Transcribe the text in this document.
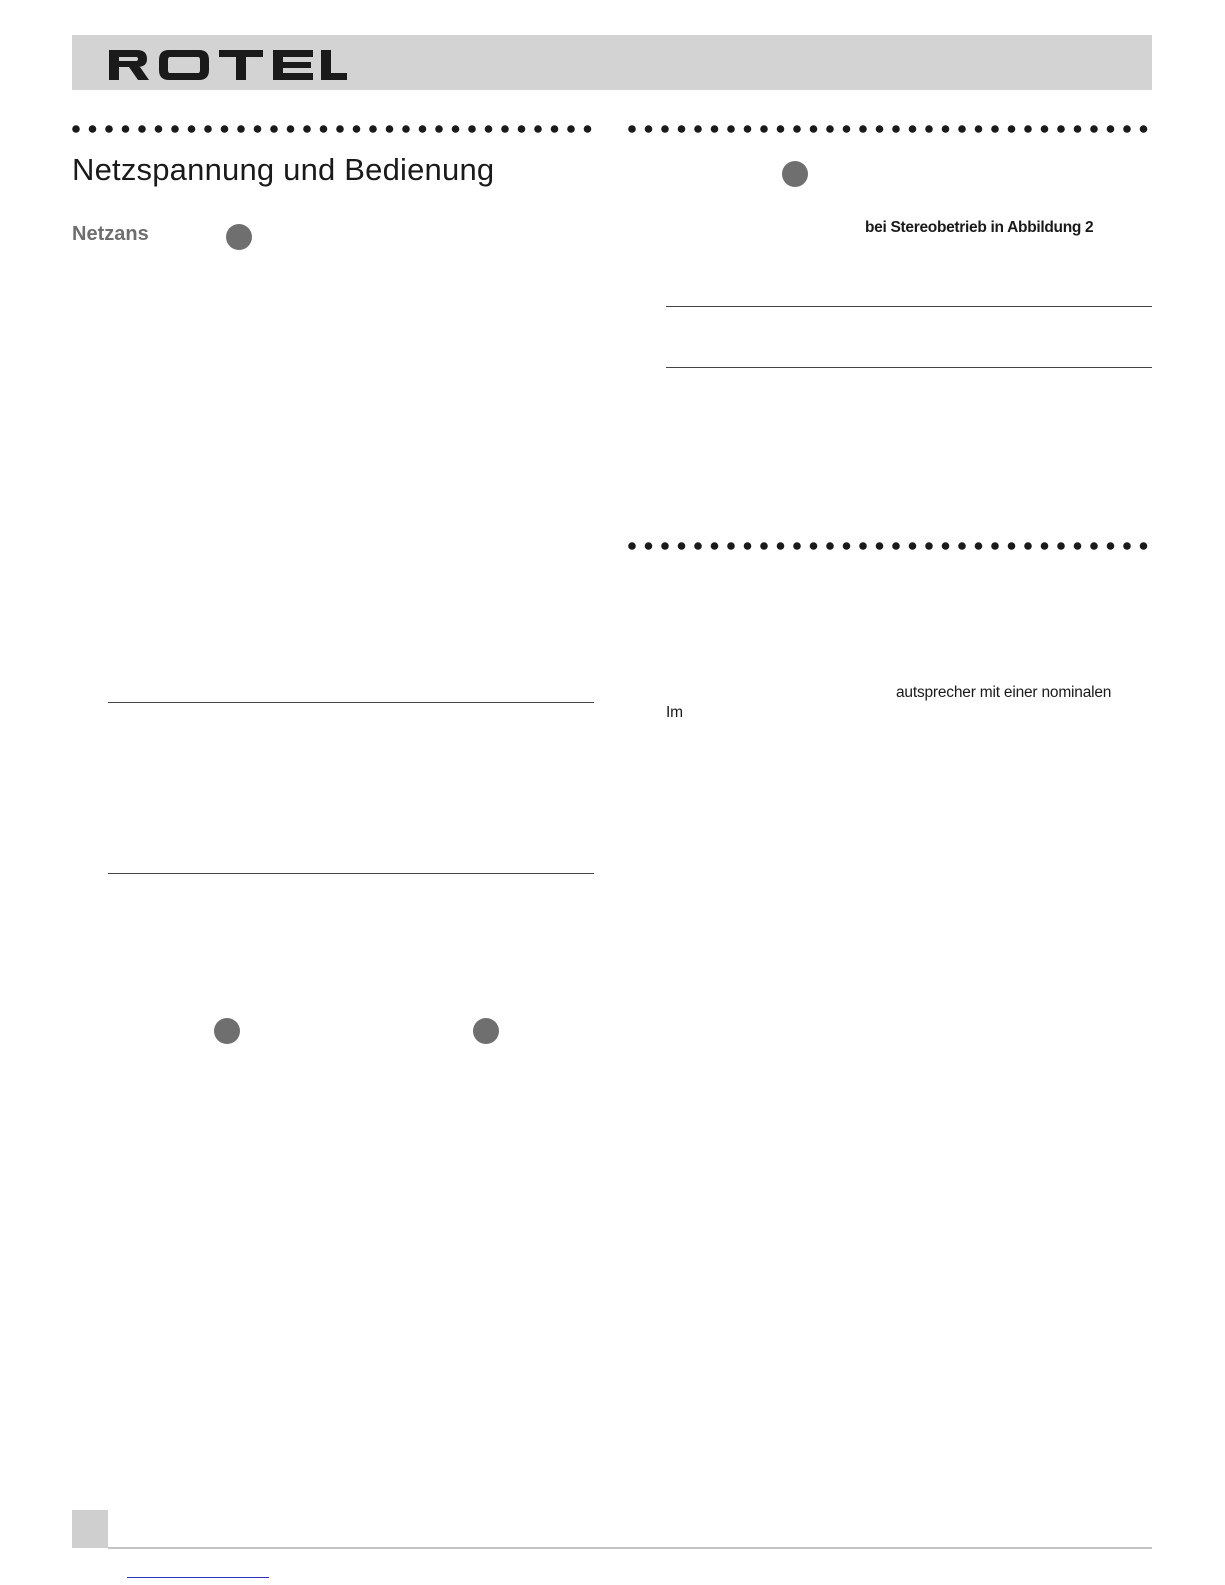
Netzspannung und Bedienung
Netzans	bei Stereobetrieb in Abbildung 2
autsprecher mit einer nominalen
Im
